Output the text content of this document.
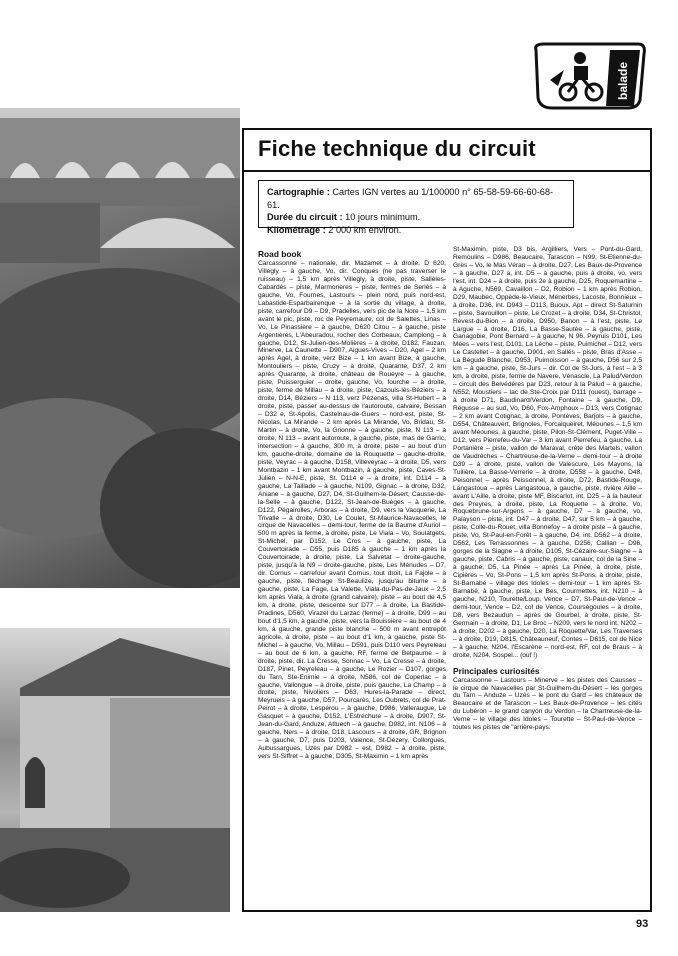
balade
Fiche technique du circuit
Cartographie : Cartes IGN vertes au 1/100000 n° 65-58-59-66-60-68-61.
Durée du circuit : 10 jours minimum.
Kilométrage : 2 000 km environ.
Road book
Carcassonne – nationale, dir. Mazamet – à droite, D 620, Villegly – à gauche, Vo, dir. Conques (ne pas traverser le ruisseau) – 1,5 km après Villegly, à droite, piste, Sallèles-Cabardès – piste, Marmorières – piste, fermes de Serlès – à gauche, Vo, Fournes, Lastours – plein nord, puis nord-est, Labastide-Esparbairenque – à la sortie du village, à droite, piste, carrefour D9 – D9, Pradelles, vers pic de la Nore – 1,5 km avant le pic, piste, roc de Peyremaure, col de Salettes, Linas – Vo, Le Pinassière – à gauche, D620 Citou – à gauche, piste Argentières, L'Abeuradou, rocher des Corbeaux, Camplong – à gauche, D12, St-Julien-des-Molières – à droite, D182, Fauzan, Minerve, La Caunette – D907, Aigues-Vives – D20, Agel – 2 km après Agel, à droite, verz Bize – 1 km avant Bize, à gauche, Montouliers – piste, Cruzy – à droite, Quarante, D37, 2 km après Quarante, à droite, château de Roueyre – à gauche, piste, Puisserguier – droite, gauche, Vo, fourche – à droite, piste, ferme de Millau – à droite, piste, Cazouls-lès-Béziers – à droite, D14, Béziers – N 113, verz Pézenas, villa St-Hubert – à droite, piste, passer au-dessus de l'autoroute, calvaire, Bessan – D32 e, St-Apolis, Castelnau-de-Guers – nord-est, piste, St-Nicolas, La Mirande – 2 km après La Mirande, Vo, Bridau, St-Martin – à droite, Vo, la Grionne – à gauche, piste, N 113 – à droite, N 113 – avant autoroute, à gauche, piste, mas de Garric, intersection – à gauche, 300 m, à droite, piste – au bout d'un km, gauche-droite, domaine de la Rouquette – gauche-droite, piste, Veyrac – à gauche, D158, Villeveyrac – à droite, D5, vers Montbazin – 1 km avant Montbazin, à gauche, piste, Caves-St-Julien – N-N-E, piste, St. D114 e – à droite, int. D114 – à gauche, La Taillade – à gauche, N109, Gignac – à droite, D32, Aniane – à gauche, D27, D4, St-Guilhem-le-Désert, Causse-de-la-Selle – à gauche, D122, St-Jean-de-Buèges – à gauche, D122, Pégairolles, Arboras – à droite, D9, vers la Vacquerie, La Trivalle – à droite, D30, Le Coulet, St-Maurice-Navacelles, le cirque de Navacelles – demi-tour, ferme de la Baume d'Auriol – 500 m après la ferme, à droite, piste, Le Viala – Vo, Soulatgets, St-Michel, par D152, Le Cros – à gauche, piste, La Couvertoirade – D55, puis D185 à gauche – 1 km après la Couvertoirade, à droite, piste, La Salvetat – droite-gauche, piste, jusqu'à la N9 – droite-gauche, piste, Les Ménudes – D7, dir. Cornus – carrefour avant Cornus, tout droit, La Fajole – à gauche, piste, fléchage St-Beaulize, jusqu'au bitume – à gauche, piste, La Fage, La Valette, Viala-du-Pas-de-Jaux – 2,5 km après Viala, à droite (grand calvaire), piste – au bout de 4,5 km, à droite, piste, descente sur D77 – à droite, La Bastide-Pradines, D560, Virazel du Larzac (ferme) – à droite, D99 – au bout d'1,5 km, à gauche, piste, vers la Bouissière – au bout de 4 km, à gauche, grande piste blanche – 500 m avant entrepôt agricole, à droite, piste – au bout d'1 km, à gauche, piste St-Michel – à gauche, Vo, Millau – D591, puis D110 vers Peyreleau – au bout de 6 km, à gauche, RF, ferme de Betpaume – à droite, piste, dir. La Cresse, Sonnac – Vo, La Cresse – à droite, D187, Pinet, Peyreleau – à gauche, Le Rozier – D107, gorges du Tarn, Ste-Enimie – à droite, N586, col de Coperlac – à gauche, Vallongue – à droite, piste, puis gauche, La Champ – à droite, piste, Nivoliers – D63, Hures-la-Parade – direct, Meyrueis – à gauche, D57, Pourcarès, Les Oubrets, col de Prat-Peirot – à droite, Lespérou – à gauche, D986, Valleraugue, Le Gasquet – à gauche, D152, L'Estréchure – à droite, D907, St-Jean-du-Gard, Anduze, Attuech – à gauche, D982, int. N106 – à gauche, Ners – à droite, D18, Lascours – à droite, GR, Brignon – à gauche, D7, puis D203, Valence, St-Dézery, Collorgues, Aubussargues, Uzès par D982 – est, D982 – à droite, piste, vers St-Siffret – à gauche, D305, St-Maximin – 1 km après
St-Maximin, piste, D3 bis, Argilliers, Vers – Pont-du-Gard, Remoulins – D986, Beaucaire, Tarascon – N99, St-Etienne-du-Grès – Vo, le Mas Véran – à droite, D27, Les Baux-de-Provence – à gauche, D27 a, int. D5 – à gauche, puis à droite, vo, vers l'est, int. D24 – à droite, puis 2e à gauche, D25, Roquemartine – à Aguche, N569, Cavaillon – D2, Robion – 1 km après Robion, D29, Maubec, Oppède-le-Vieux, Ménerbes, Lacoste, Bonnieux – à droite, D36, int. D943 – D113, Buoux, Apt – direct St-Saturnin – piste, Savouillon – piste, Le Crozet – à droite, D34, St-Christol, Revest-du-Bion – à droite, D950, Banon – à l'est, piste, Le Largue – à droite, D16, La Basse-Sautée – à gauche, piste, Ganagobie, Pont Bernard – à gauche, N 96, Peyruis D101, Les Mées – vers l'est, D101, La Lèche – piste, Puimichel – D12, vers Le Castellet – à gauche, D901, en Sallés – piste, Bras d'Asse – La Bégude Blanche, D953, Puimoisson – à gauche, D56 sur 2,5 km – à gauche, piste, St-Jurs – dir. Col de St-Jurs, à l'est – à 3 km, à droite, piste, ferme de Navere, Vénascle, La Palud/Verdon – circuit des Belvédères par D23, retour à la Palud – à gauche, N552, Moustiers – lac de Ste-Croix par D111 (ouest), barrage – à droite D71, Baudinard/Verdon, Fontaine – à gauche, D9, Régusse – au sud, Vo, D60, Fox-Amphoux – D13, vers Cotignac – 2 km avant Cotignac, à droite, Pontèves, Barjols – à gauche, D554, Châteauvert, Brignoles, Forcalqueiret, Méounes – 1,5 km avant Méounes, à gauche, piste, Pilon-St-Clément, Puget-Ville – D12, vers Pierrefeu-du-Var – 3 km avant Pierrefeu, à gauche, La Portanière – piste, vallon de Maraval, crête des Martels, vallon de Vaudrèches – Chartreuse-de-la-Verne – demi-tour – à droite D39 – à droite, piste, vallon de Valescure, Les Mayons, la Tuilière, La Basse-Verrerie – à droite, D558 – à gauche, D48, Peisonnel – après Peissonnel, à droite, D72, Bastide-Rouge, Langastoua – après Langastoua, à gauche, piste, rivière Aille – avant L'Aille, à droite, piste MF, Biscarlot, int. D25 – à la hauteur des Preyres, à droite, piste, La Roquette – à droite, Vo, Roquebrune-sur-Argens – à gauche, D7 – à gauche, vo, Palayson – piste, int. D47 – à droite, D47, sur 5 km – à gauche, piste, Colle-du-Rouet, villa Bonnefoy – à droite piste – à gauche, piste, Vo, St-Paul-en-Forêt – à gauche, D4, int. D562 – à droite, D562, Les Terrassonnes – à gauche, D256, Callian – D96, gorges de la Siagne – à droite, D105, St-Cézaire-sur-Siagne – à gauche, piste, Cabris – à gauche, piste, canaux, col de la Sine – à gauche, D5, La Pinée – après La Pinée, à droite, piste, Cipières – Vo, St-Pons – 1,5 km après St-Pons, à droite, piste, St-Barnabé – village des Idoles – demi-tour – 1 km après St-Barnabé, à gauche, piste, Le Bes, Courmettes, int. N210 – à gauche, N210, Tourette/Loup, Vence – D7, St-Paul-de-Vence – demi-tour, Vence – D2, col de Vence, Coursègoules – à droite, D8, vers Bezaudun – après de Gourbel, à droite, piste, St-Germain – à droite, D1, Le Broc – N209, vers le nord int. N202 – à droite, D202 – à gauche, D20, La Roquette/Var, Les Traverses – à droite, D19, D815, Châteauneuf, Contes – D615, col de Nice – à gauche, N204, l'Escarène – nord-est, RF, col de Braus – à droite, N204, Sospel... (ouf !)
Principales curiosités
Carcassonne – Lastours – Minerve – les pistes des Causses – le cirque de Navacelles par St-Guilhem-du-Désert – les gorges du Tarn – Anduze – Uzès – le pont du Gard – les châteaux de Beaucaire et de Tarascon – Les Baux-de-Provence – les cités du Lubéron – le grand canyon du Verdon – la Chartreuse-de-la-Verne – le village des Idoles – Tourette – St-Paul-de-Vence – toutes les pistes de "arrière-pays.
93
